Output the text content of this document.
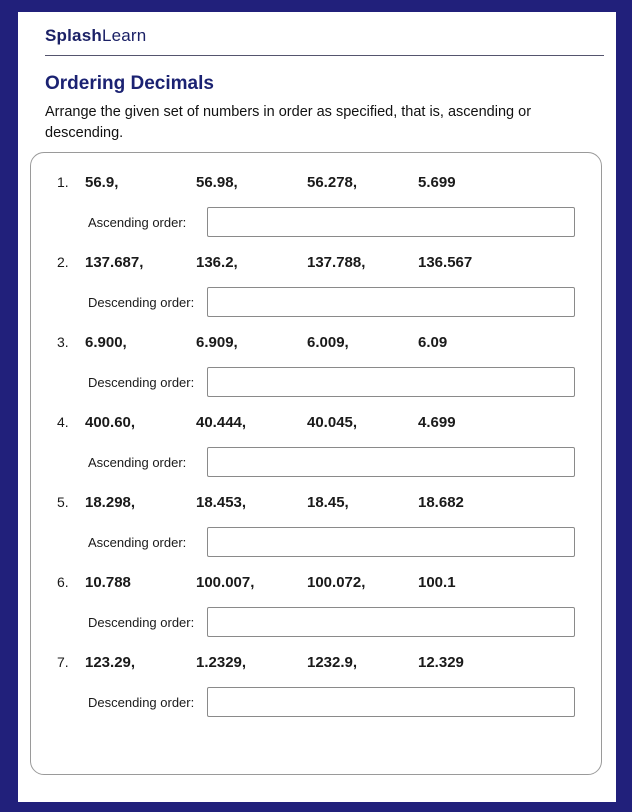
SplashLearn
Ordering Decimals

Arrange the given set of numbers in order as specified, that is, ascending or descending.

1.	56.9,	56.98,	56.278,	5.699
Ascending order:
2.	137.687,	136.2,	137.788,	136.567
Descending order:
3.	6.900,	6.909,	6.009,	6.09
Descending order:
4.	400.60,	40.444,	40.045,	4.699
Ascending order:
5.	18.298,	18.453,	18.45,	18.682
Ascending order:
6.	10.788	100.007,	100.072,	100.1
Descending order:
7.	123.29,	1.2329,	1232.9,	12.329
Descending order:
